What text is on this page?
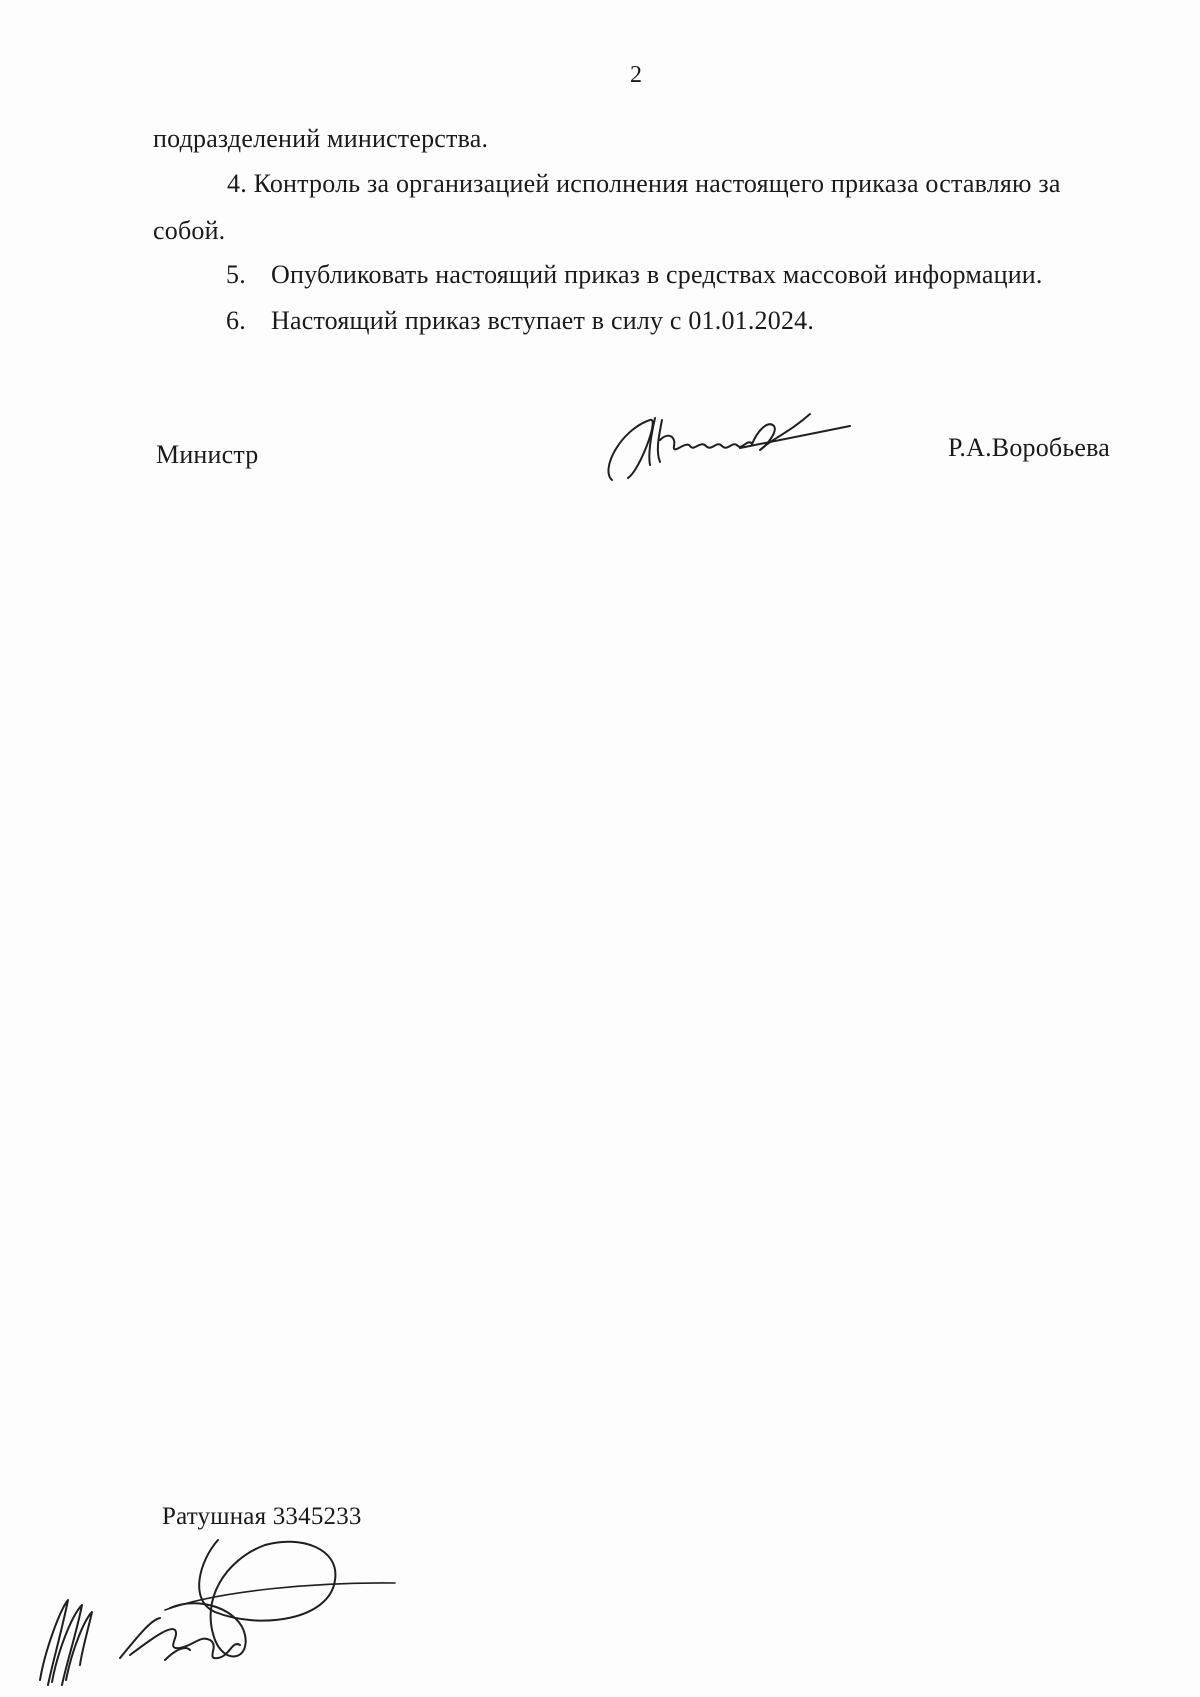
2
подразделений министерства.
4. Контроль за организацией исполнения настоящего приказа оставляю за
собой.
5. Опубликовать настоящий приказ в средствах массовой информации.
6. Настоящий приказ вступает в силу с 01.01.2024.
Министр	Р.А.Воробьева
Ратушная 3345233
